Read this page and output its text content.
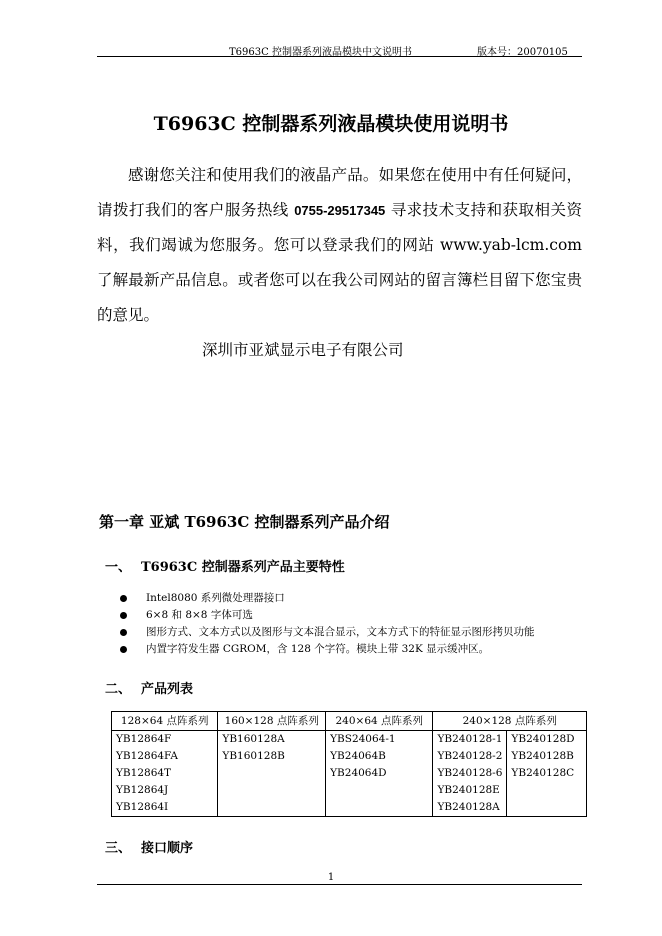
T6963C 控制器系列液晶模块中文说明书	版本号：20070105
T6963C 控制器系列液晶模块使用说明书
感谢您关注和使用我们的液晶产品。如果您在使用中有任何疑问，请拨打我们的客户服务热线 0755-29517345 寻求技术支持和获取相关资料，我们竭诚为您服务。您可以登录我们的网站 www.yab-lcm.com 了解最新产品信息。或者您可以在我公司网站的留言簿栏目留下您宝贵的意见。
深圳市亚斌显示电子有限公司
第一章 亚斌 T6963C 控制器系列产品介绍
一、 T6963C 控制器系列产品主要特性
Intel8080 系列微处理器接口
6×8 和 8×8 字体可选
图形方式、文本方式以及图形与文本混合显示，文本方式下的特征显示图形拷贝功能
内置字符发生器 CGROM，含 128 个字符。模块上带 32K 显示缓冲区。
二、 产品列表
128×64 点阵系列	160×128 点阵系列	240×64 点阵系列	240×128 点阵系列	
YB12864F	YB160128A	YBS24064-1	YB240128-1	YB240128D
YB12864FA	YB160128B	YB24064B	YB240128-2	YB240128B
YB12864T		YB24064D	YB240128-6	YB240128C
YB12864J			YB240128E	
YB12864I			YB240128A	
三、 接口顺序
1
